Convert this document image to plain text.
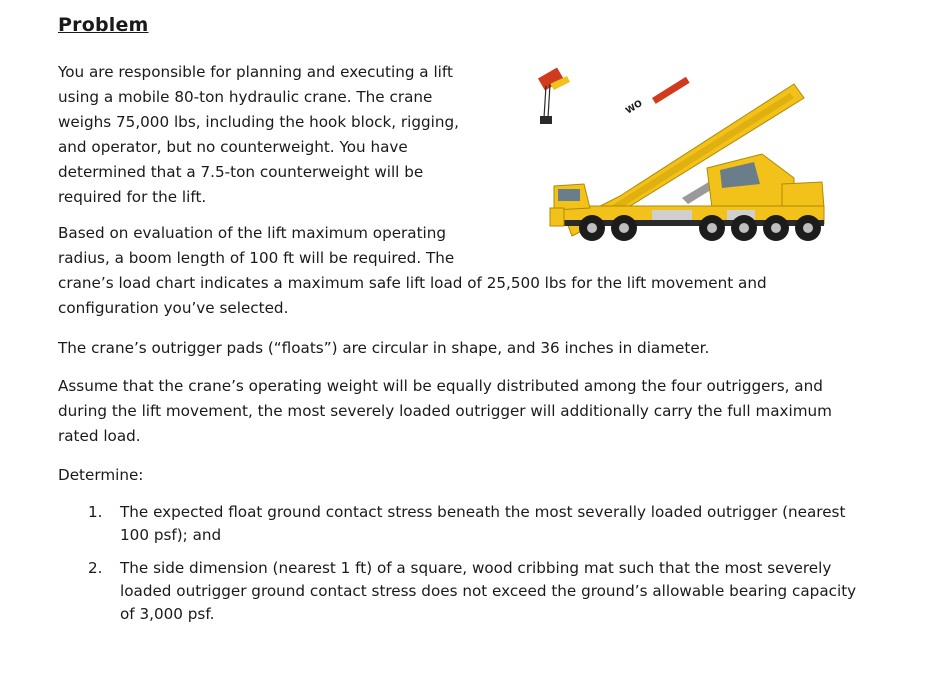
Problem

You are responsible for planning and executing a lift
using a mobile 80-ton hydraulic crane. The crane
weighs 75,000 lbs, including the hook block, rigging,
and operator, but no counterweight. You have
determined that a 7.5-ton counterweight will be
required for the lift.

WO

Based on evaluation of the lift maximum operating
radius, a boom length of 100 ft will be required. The
crane’s load chart indicates a maximum safe lift load of 25,500 lbs for the lift movement and
configuration you’ve selected.

The crane’s outrigger pads (“floats”) are circular in shape, and 36 inches in diameter.

Assume that the crane’s operating weight will be equally distributed among the four outriggers, and
during the lift movement, the most severely loaded outrigger will additionally carry the full maximum
rated load.

Determine:

1. The expected float ground contact stress beneath the most severally loaded outrigger (nearest
100 psf); and
2. The side dimension (nearest 1 ft) of a square, wood cribbing mat such that the most severely
loaded outrigger ground contact stress does not exceed the ground’s allowable bearing capacity
of 3,000 psf.
